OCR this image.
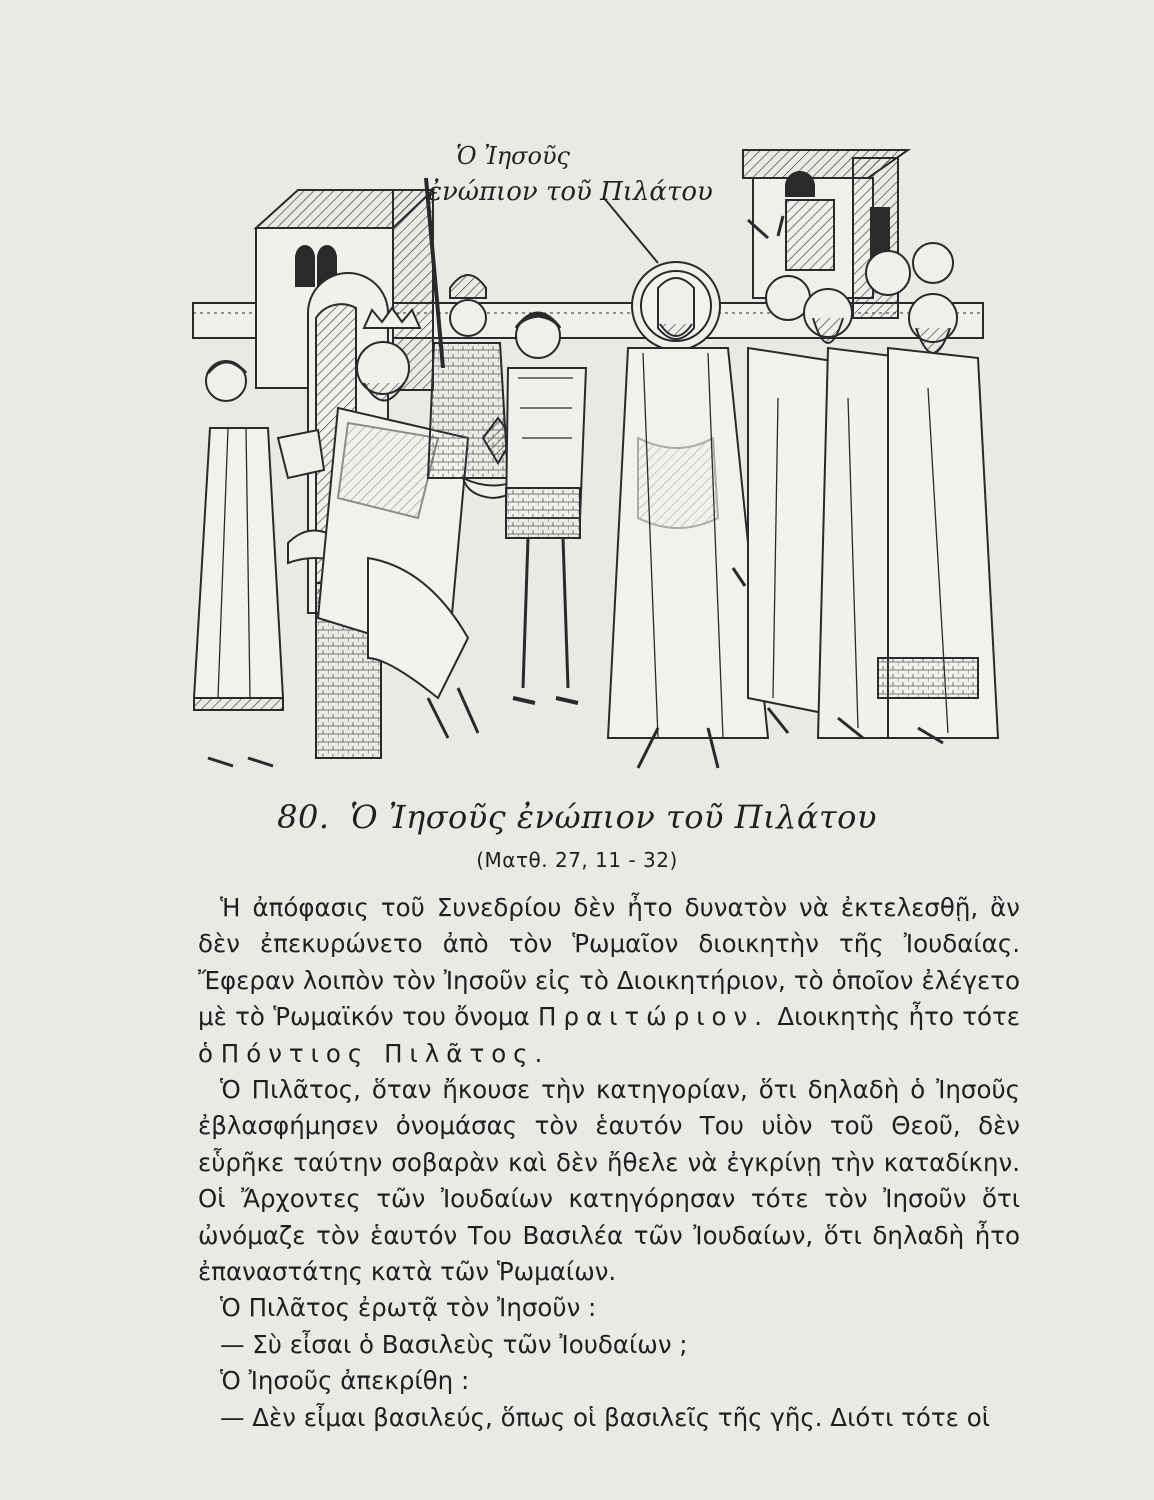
Ὁ Ἰησοῦς
ἐνώπιον τοῦ Πιλάτου
80. Ὁ Ἰησοῦς ἐνώπιον τοῦ Πιλάτου
(Ματθ. 27, 11 - 32)

Ἡ ἀπόφασις τοῦ Συνεδρίου δὲν ἦτο δυνατὸν νὰ ἐκτελεσθῇ, ἂν δὲν ἐπεκυρώνετο ἀπὸ τὸν Ῥωμαῖον διοικητὴν τῆς Ἰουδαίας. Ἔφεραν λοιπὸν τὸν Ἰησοῦν εἰς τὸ Διοικητήριον, τὸ ὁποῖον ἐλέγετο μὲ τὸ Ῥωμαϊκόν του ὄνομα Πραιτώριον. Διοικητὴς ἦτο τότε ὁ Πόντιος Πιλᾶτος.

Ὁ Πιλᾶτος, ὅταν ἤκουσε τὴν κατηγορίαν, ὅτι δηλαδὴ ὁ Ἰησοῦς ἐβλασφήμησεν ὀνομάσας τὸν ἑαυτόν Του υἱὸν τοῦ Θεοῦ, δὲν εὗρῆκε ταύτην σοβαρὰν καὶ δὲν ἤθελε νὰ ἐγκρίνῃ τὴν καταδίκην. Οἱ Ἄρχοντες τῶν Ἰουδαίων κατηγόρησαν τότε τὸν Ἰησοῦν ὅτι ὠνόμαζε τὸν ἑαυτόν Του Βασιλέα τῶν Ἰουδαίων, ὅτι δηλαδὴ ἦτο ἐπαναστάτης κατὰ τῶν Ῥωμαίων.

Ὁ Πιλᾶτος ἐρωτᾷ τὸν Ἰησοῦν :

— Σὺ εἶσαι ὁ Βασιλεὺς τῶν Ἰουδαίων ;

Ὁ Ἰησοῦς ἀπεκρίθη :

— Δὲν εἶμαι βασιλεύς, ὅπως οἱ βασιλεῖς τῆς γῆς. Διότι τότε οἱ
